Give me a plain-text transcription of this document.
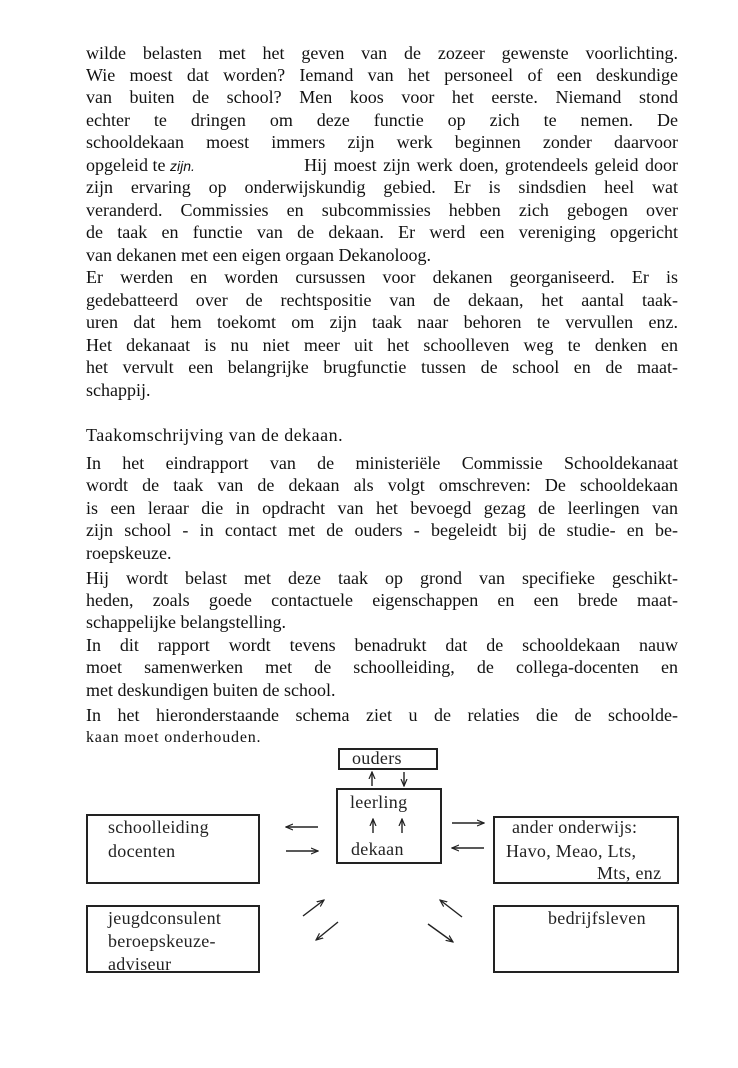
wilde belasten met het geven van de zozeer gewenste voorlichting.
Wie moest dat worden? Iemand van het personeel of een deskundige
van buiten de school? Men koos voor het eerste. Niemand stond
echter te dringen om deze functie op zich te nemen. De
schooldekaan moest immers zijn werk beginnen zonder daarvoor
opgeleid te zijn.	Hij moest zijn werk doen, grotendeels geleid door
zijn ervaring op onderwijskundig gebied. Er is sindsdien heel wat
veranderd. Commissies en subcommissies hebben zich gebogen over
de taak en functie van de dekaan. Er werd een vereniging opgericht
van dekanen met een eigen orgaan Dekanoloog.
Er werden en worden cursussen voor dekanen georganiseerd. Er is
gedebatteerd over de rechtspositie van de dekaan, het aantal taak-
uren dat hem toekomt om zijn taak naar behoren te vervullen enz.
Het dekanaat is nu niet meer uit het schoolleven weg te denken en
het vervult een belangrijke brugfunctie tussen de school en de maat-
schappij.
Taakomschrijving van de dekaan.
In het eindrapport van de ministeriële Commissie Schooldekanaat
wordt de taak van de dekaan als volgt omschreven: De schooldekaan
is een leraar die in opdracht van het bevoegd gezag de leerlingen van
zijn school - in contact met de ouders - begeleidt bij de studie- en be-
roepskeuze.
Hij wordt belast met deze taak op grond van specifieke geschikt-
heden, zoals goede contactuele eigenschappen en een brede maat-
schappelijke belangstelling.
In dit rapport wordt tevens benadrukt dat de schooldekaan nauw
moet samenwerken met de schoolleiding, de collega-docenten en
met deskundigen buiten de school.
In het hieronderstaande schema ziet u de relaties die de schoolde-
kaan moet onderhouden.
ouders
leerling
dekaan
schoolleiding
docenten
ander onderwijs:
Havo, Meao, Lts,
Mts, enz
jeugdconsulent
beroepskeuze-
adviseur
bedrijfsleven
